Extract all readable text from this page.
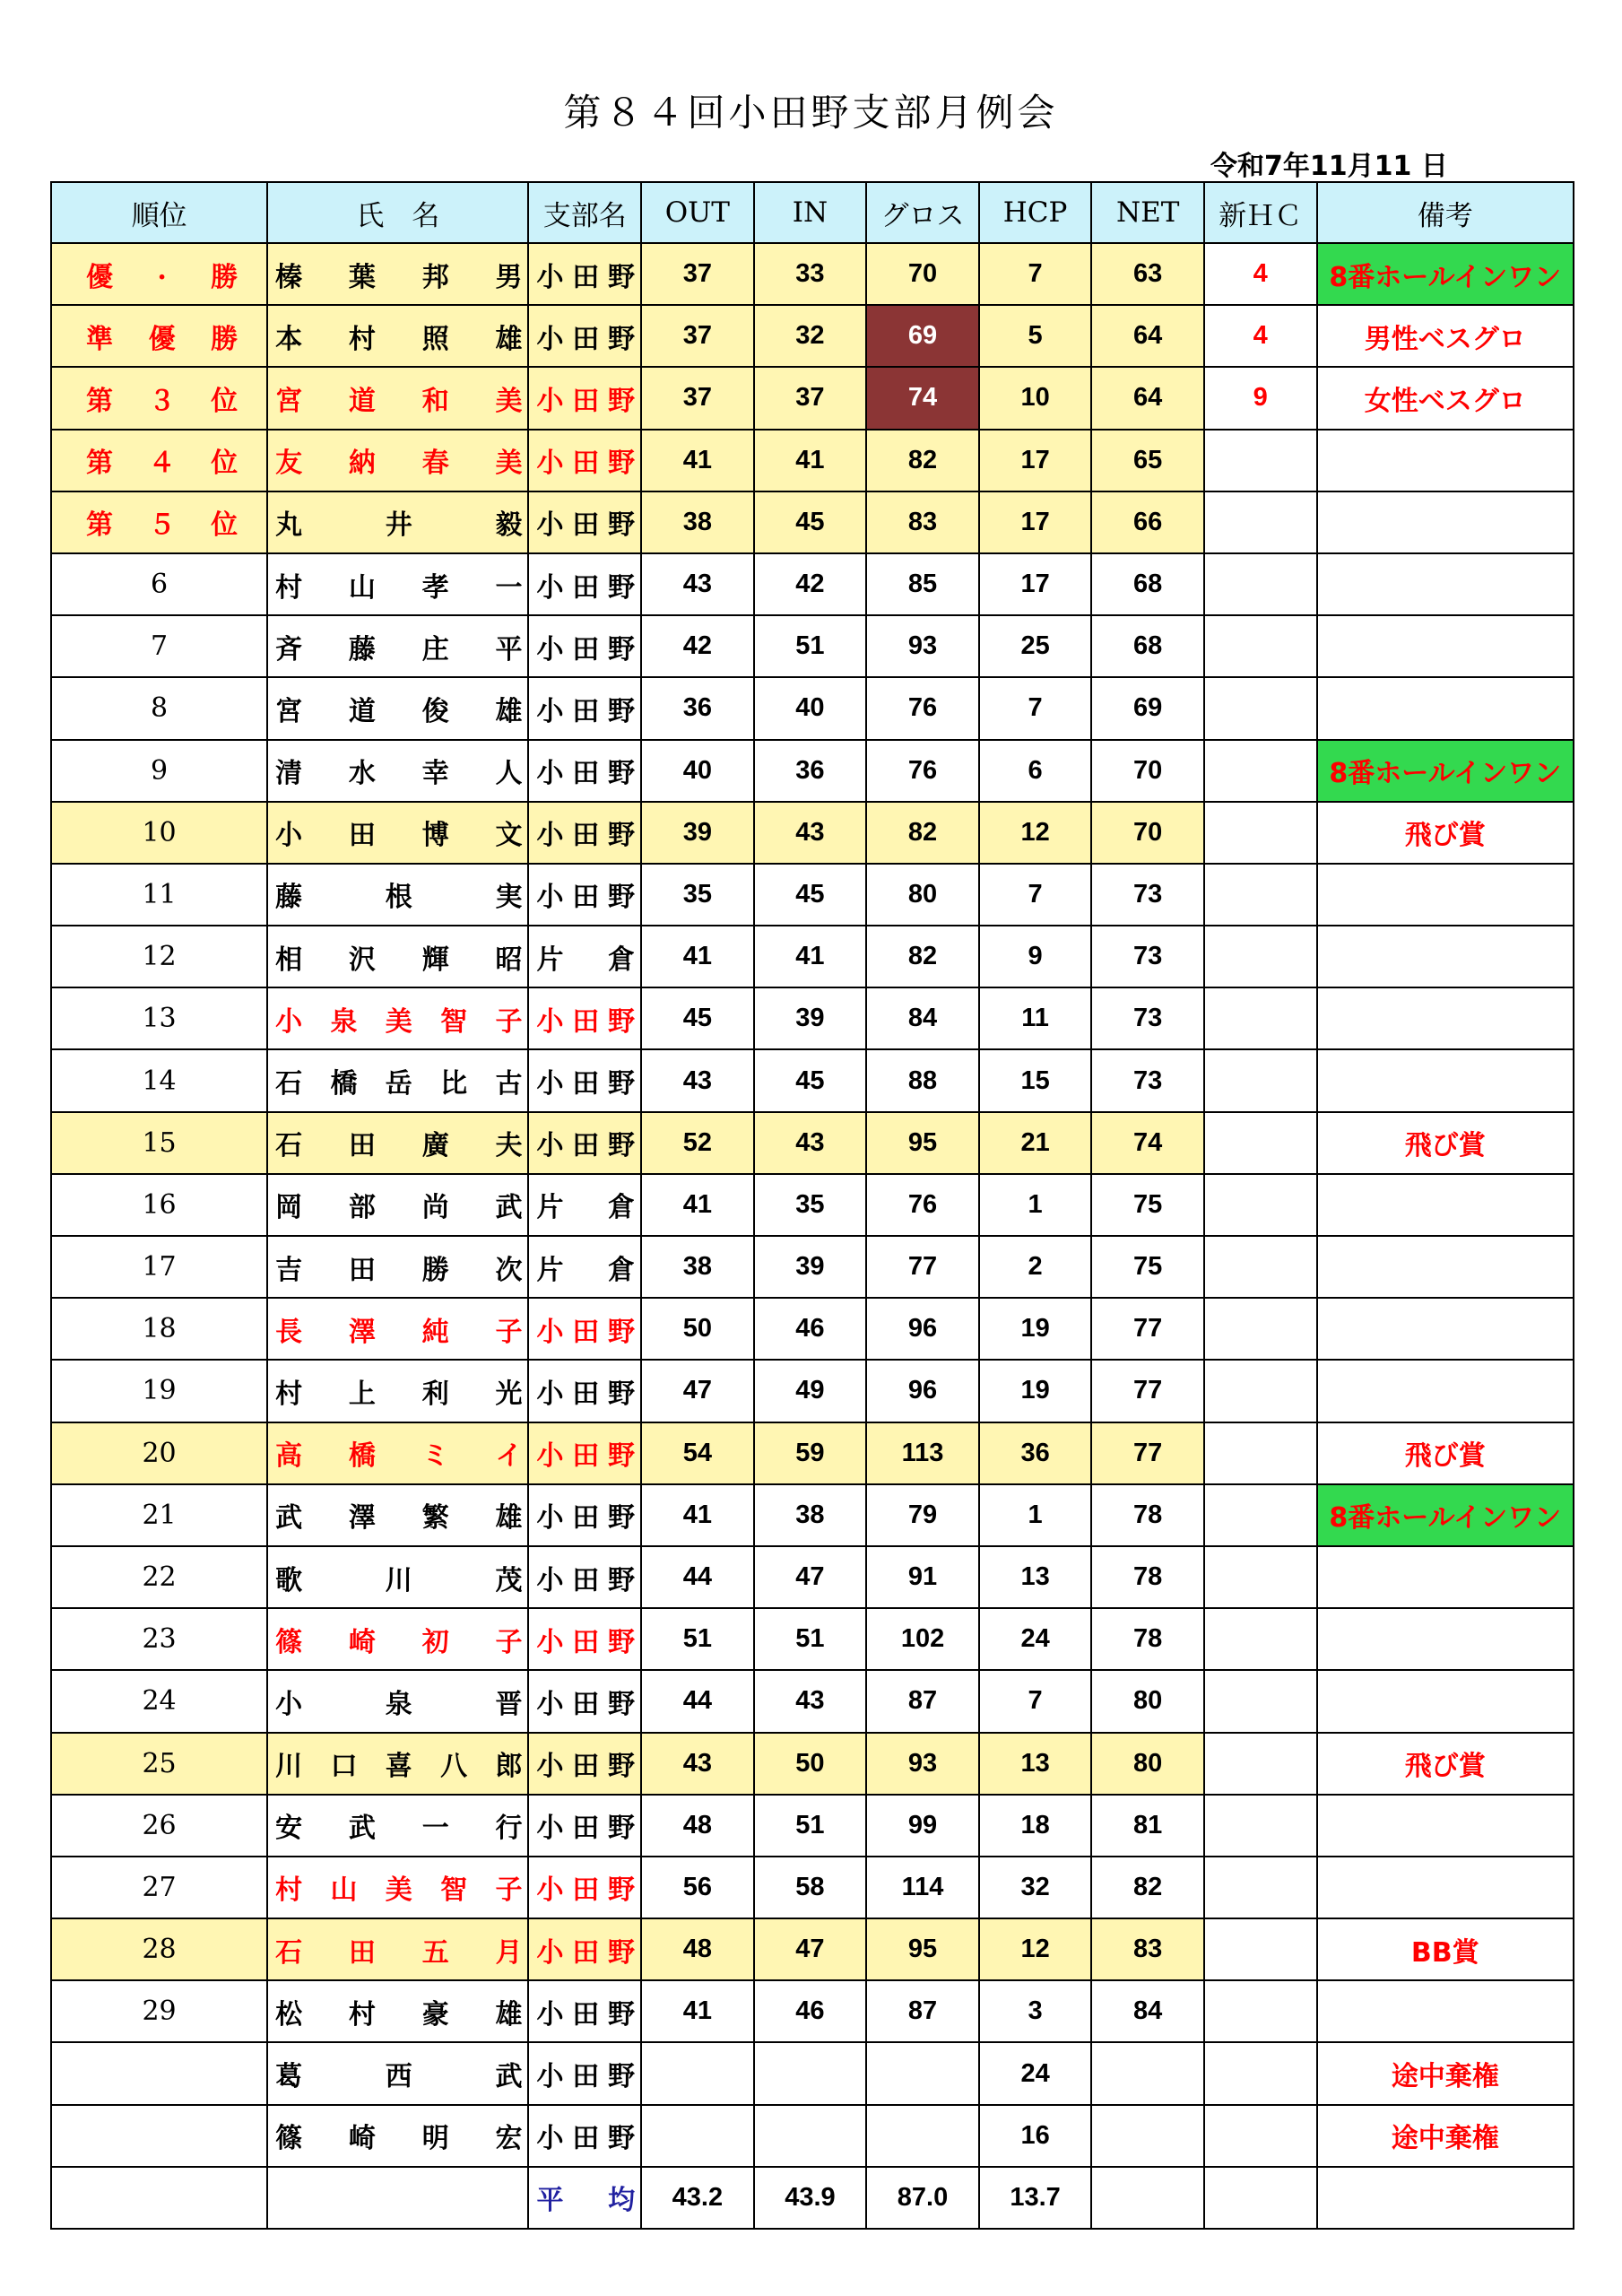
第８４回小田野支部月例会
令和7年11月11 日
順位	氏　名	支部名	OUT	IN	グロス	HCP	NET	新ＨＣ	備考

優 . 勝	榛 葉 邦 男	小 田 野	37	33	70	7	63	4	8番ホールインワン

準 優 勝	本 村 照 雄	小 田 野	37	32	69	5	64	4	男性ベスグロ

第 ３ 位	宮 道 和 美	小 田 野	37	37	74	10	64	9	女性ベスグロ

第 ４ 位	友 納 春 美	小 田 野	41	41	82	17	65		

第 ５ 位	丸 井 毅	小 田 野	38	45	83	17	66		

6	村 山 孝 一	小 田 野	43	42	85	17	68		

7	斉 藤 庄 平	小 田 野	42	51	93	25	68		

8	宮 道 俊 雄	小 田 野	36	40	76	7	69		

9	清 水 幸 人	小 田 野	40	36	76	6	70		8番ホールインワン

10	小 田 博 文	小 田 野	39	43	82	12	70		飛び賞

11	藤 根 実	小 田 野	35	45	80	7	73		

12	相 沢 輝 昭	片 倉	41	41	82	9	73		

13	小 泉 美 智 子	小 田 野	45	39	84	11	73		

14	石 橋 岳 比 古	小 田 野	43	45	88	15	73		

15	石 田 廣 夫	小 田 野	52	43	95	21	74		飛び賞

16	岡 部 尚 武	片 倉	41	35	76	1	75		

17	吉 田 勝 次	片 倉	38	39	77	2	75		

18	長 澤 純 子	小 田 野	50	46	96	19	77		

19	村 上 利 光	小 田 野	47	49	96	19	77		

20	高 橋 ミ イ	小 田 野	54	59	113	36	77		飛び賞

21	武 澤 繁 雄	小 田 野	41	38	79	1	78		8番ホールインワン

22	歌 川 茂	小 田 野	44	47	91	13	78		

23	篠 崎 初 子	小 田 野	51	51	102	24	78		

24	小 泉 晋	小 田 野	44	43	87	7	80		

25	川 口 喜 八 郎	小 田 野	43	50	93	13	80		飛び賞

26	安 武 一 行	小 田 野	48	51	99	18	81		

27	村 山 美 智 子	小 田 野	56	58	114	32	82		

28	石 田 五 月	小 田 野	48	47	95	12	83		BB賞

29	松 村 豪 雄	小 田 野	41	46	87	3	84		

	葛 西 武	小 田 野				24			途中棄権

	篠 崎 明 宏	小 田 野				16			途中棄権

		平 均	43.2	43.9	87.0	13.7			
